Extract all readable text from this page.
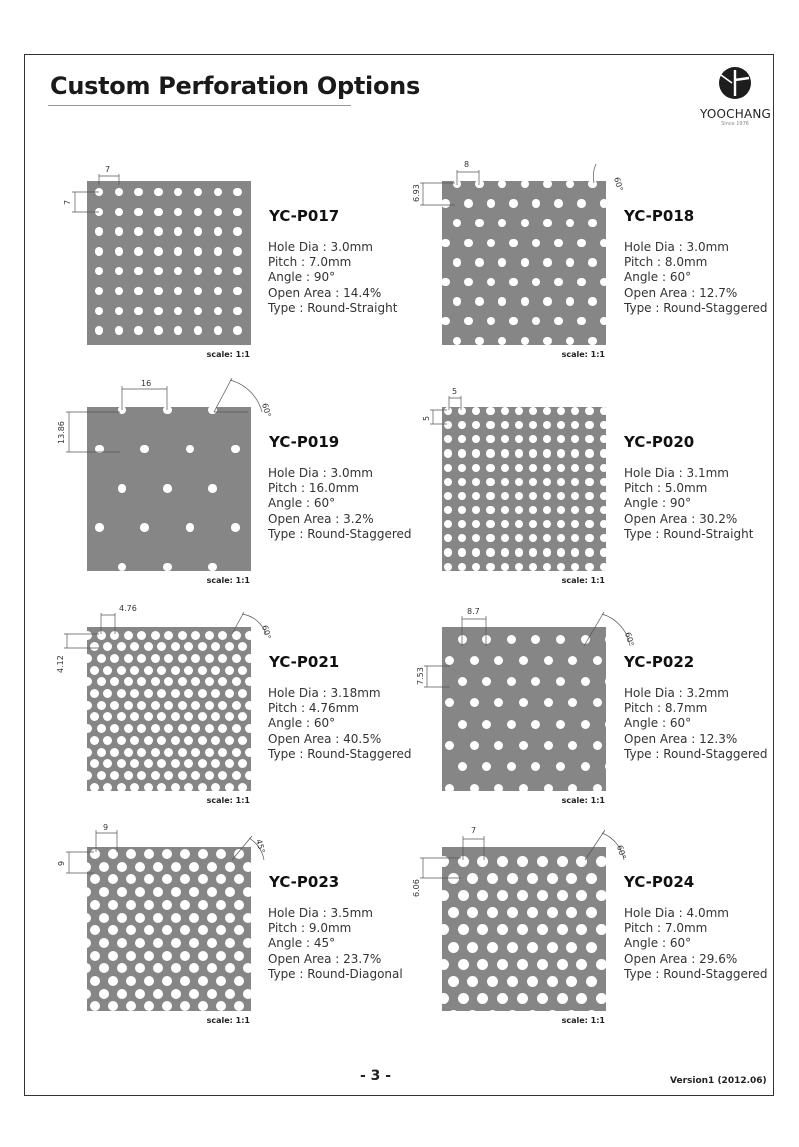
Custom Perforation Options
YOOCHANG
Since 1976
7
7
8
6.93	60°
16
13.86
60°
5
5
4.76
4.12
60°
8.7
7.53
60°
9
9
45°
7
6.06
60°
YC-P017
Hole Dia : 3.0mm
Pitch : 7.0mm
Angle : 90°
Open Area : 14.4%
Type : Round-Straight
scale: 1:1
YC-P018
Hole Dia : 3.0mm
Pitch : 8.0mm
Angle : 60°
Open Area : 12.7%
Type : Round-Staggered
scale: 1:1
YC-P019
Hole Dia : 3.0mm
Pitch : 16.0mm
Angle : 60°
Open Area : 3.2%
Type : Round-Staggered
scale: 1:1
YC-P020
Hole Dia : 3.1mm
Pitch : 5.0mm
Angle : 90°
Open Area : 30.2%
Type : Round-Straight
scale: 1:1
YC-P021
Hole Dia : 3.18mm
Pitch : 4.76mm
Angle : 60°
Open Area : 40.5%
Type : Round-Staggered
scale: 1:1
YC-P022
Hole Dia : 3.2mm
Pitch : 8.7mm
Angle : 60°
Open Area : 12.3%
Type : Round-Staggered
scale: 1:1
YC-P023
Hole Dia : 3.5mm
Pitch : 9.0mm
Angle : 45°
Open Area : 23.7%
Type : Round-Diagonal
scale: 1:1
YC-P024
Hole Dia : 4.0mm
Pitch : 7.0mm
Angle : 60°
Open Area : 29.6%
Type : Round-Staggered
scale: 1:1
- 3 -	Version1 (2012.06)
